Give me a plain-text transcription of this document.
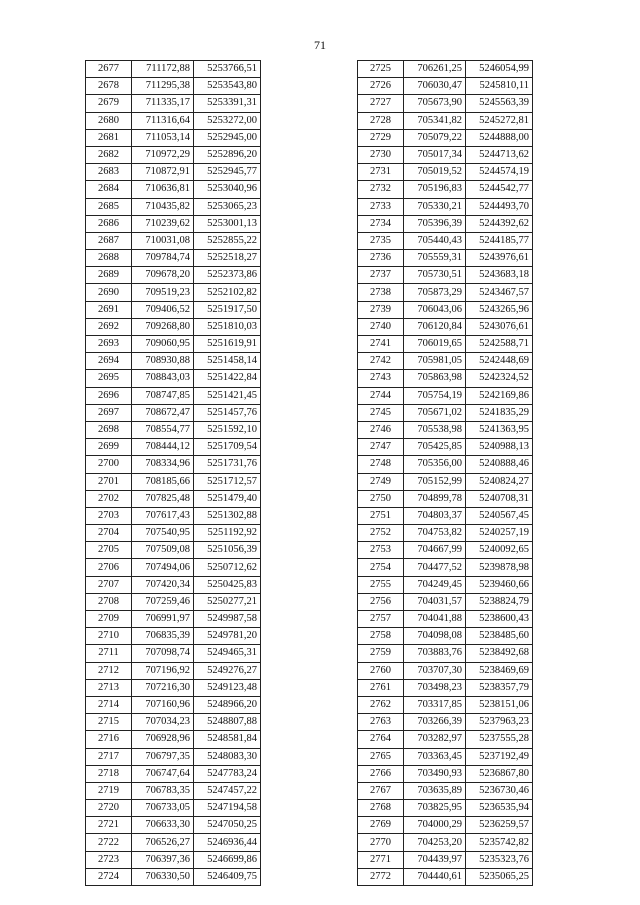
71
2677	711172,88	5253766,51
2678	711295,38	5253543,80
2679	711335,17	5253391,31
2680	711316,64	5253272,00
2681	711053,14	5252945,00
2682	710972,29	5252896,20
2683	710872,91	5252945,77
2684	710636,81	5253040,96
2685	710435,82	5253065,23
2686	710239,62	5253001,13
2687	710031,08	5252855,22
2688	709784,74	5252518,27
2689	709678,20	5252373,86
2690	709519,23	5252102,82
2691	709406,52	5251917,50
2692	709268,80	5251810,03
2693	709060,95	5251619,91
2694	708930,88	5251458,14
2695	708843,03	5251422,84
2696	708747,85	5251421,45
2697	708672,47	5251457,76
2698	708554,77	5251592,10
2699	708444,12	5251709,54
2700	708334,96	5251731,76
2701	708185,66	5251712,57
2702	707825,48	5251479,40
2703	707617,43	5251302,88
2704	707540,95	5251192,92
2705	707509,08	5251056,39
2706	707494,06	5250712,62
2707	707420,34	5250425,83
2708	707259,46	5250277,21
2709	706991,97	5249987,58
2710	706835,39	5249781,20
2711	707098,74	5249465,31
2712	707196,92	5249276,27
2713	707216,30	5249123,48
2714	707160,96	5248966,20
2715	707034,23	5248807,88
2716	706928,96	5248581,84
2717	706797,35	5248083,30
2718	706747,64	5247783,24
2719	706783,35	5247457,22
2720	706733,05	5247194,58
2721	706633,30	5247050,25
2722	706526,27	5246936,44
2723	706397,36	5246699,86
2724	706330,50	5246409,75
2725	706261,25	5246054,99
2726	706030,47	5245810,11
2727	705673,90	5245563,39
2728	705341,82	5245272,81
2729	705079,22	5244888,00
2730	705017,34	5244713,62
2731	705019,52	5244574,19
2732	705196,83	5244542,77
2733	705330,21	5244493,70
2734	705396,39	5244392,62
2735	705440,43	5244185,77
2736	705559,31	5243976,61
2737	705730,51	5243683,18
2738	705873,29	5243467,57
2739	706043,06	5243265,96
2740	706120,84	5243076,61
2741	706019,65	5242588,71
2742	705981,05	5242448,69
2743	705863,98	5242324,52
2744	705754,19	5242169,86
2745	705671,02	5241835,29
2746	705538,98	5241363,95
2747	705425,85	5240988,13
2748	705356,00	5240888,46
2749	705152,99	5240824,27
2750	704899,78	5240708,31
2751	704803,37	5240567,45
2752	704753,82	5240257,19
2753	704667,99	5240092,65
2754	704477,52	5239878,98
2755	704249,45	5239460,66
2756	704031,57	5238824,79
2757	704041,88	5238600,43
2758	704098,08	5238485,60
2759	703883,76	5238492,68
2760	703707,30	5238469,69
2761	703498,23	5238357,79
2762	703317,85	5238151,06
2763	703266,39	5237963,23
2764	703282,97	5237555,28
2765	703363,45	5237192,49
2766	703490,93	5236867,80
2767	703635,89	5236730,46
2768	703825,95	5236535,94
2769	704000,29	5236259,57
2770	704253,20	5235742,82
2771	704439,97	5235323,76
2772	704440,61	5235065,25
